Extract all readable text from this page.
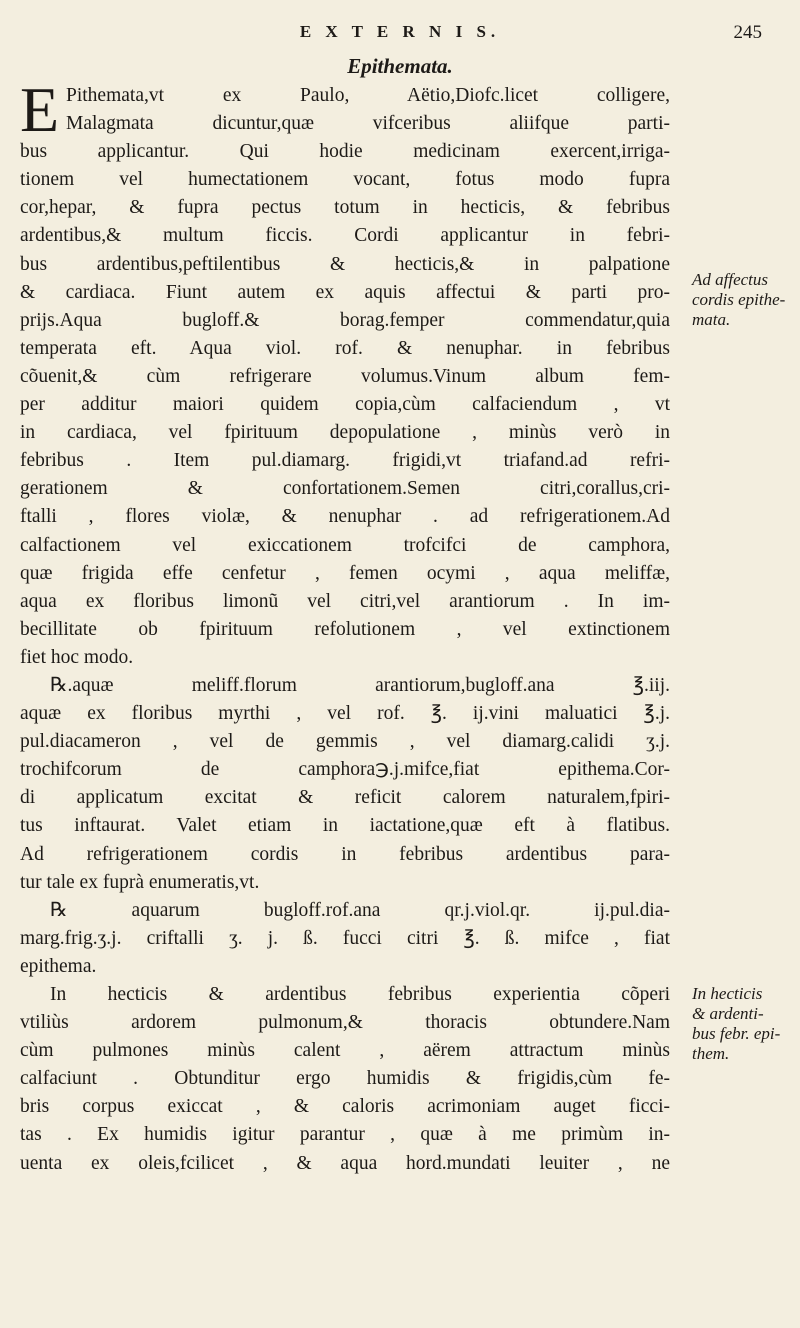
E X T E R N I S.	245
Epithemata.
E Pithemata,vt ex Paulo, Aëtio,Diofc.licet colligere,
Malagmata dicuntur,quæ vifceribus aliifque parti-
bus applicantur. Qui hodie medicinam exercent,irriga-
tionem vel humectationem vocant, fotus modo fupra
cor,hepar, & fupra pectus totum in hecticis, & febribus
ardentibus,& multum ficcis. Cordi applicantur in febri-
bus ardentibus,peftilentibus & hecticis,& in palpatione
& cardiaca. Fiunt autem ex aquis affectui & parti pro-
prijs.Aqua bugloff.& borag.femper commendatur,quia
temperata eft. Aqua viol. rof. & nenuphar. in febribus
cõuenit,& cùm refrigerare volumus.Vinum album fem-
per additur maiori quidem copia,cùm calfaciendum , vt
in cardiaca, vel fpirituum depopulatione , minùs verò in
febribus . Item pul.diamarg. frigidi,vt triafand.ad refri-
gerationem & confortationem.Semen citri,corallus,cri-
ftalli , flores violæ, & nenuphar . ad refrigerationem.Ad
calfactionem vel exiccationem trofcifci de camphora,
quæ frigida effe cenfetur , femen ocymi , aqua meliffæ,
aqua ex floribus limonũ vel citri,vel arantiorum . In im-
becillitate ob fpirituum refolutionem , vel extinctionem
fiet hoc modo.
℞.aquæ meliff.florum arantiorum,bugloff.ana ℥.iij.
aquæ ex floribus myrthi , vel rof. ℥. ij.vini maluatici ℥.j.
pul.diacameron , vel de gemmis , vel diamarg.calidi ʒ.j.
trochifcorum de camphora℈.j.mifce,fiat epithema.Cor-
di applicatum excitat & reficit calorem naturalem,fpiri-
tus inftaurat. Valet etiam in iactatione,quæ eft à flatibus.
Ad refrigerationem cordis in febribus ardentibus para-
tur tale ex fuprà enumeratis,vt.
℞ aquarum bugloff.rof.ana qr.j.viol.qr. ij.pul.dia-
marg.frig.ʒ.j. criftalli ʒ. j. ß. fucci citri ℥. ß. mifce , fiat
epithema.
In hecticis & ardentibus febribus experientia cõperi
vtiliùs ardorem pulmonum,& thoracis obtundere.Nam
cùm pulmones minùs calent , aërem attractum minùs
calfaciunt . Obtunditur ergo humidis & frigidis,cùm fe-
bris corpus exiccat , & caloris acrimoniam auget ficci-
tas . Ex humidis igitur parantur , quæ à me primùm in-
uenta ex oleis,fcilicet , & aqua hord.mundati leuiter , ne
Ad affectus
cordis epithe-
mata.
In hecticis
& ardenti-
bus febr. epi-
them.
